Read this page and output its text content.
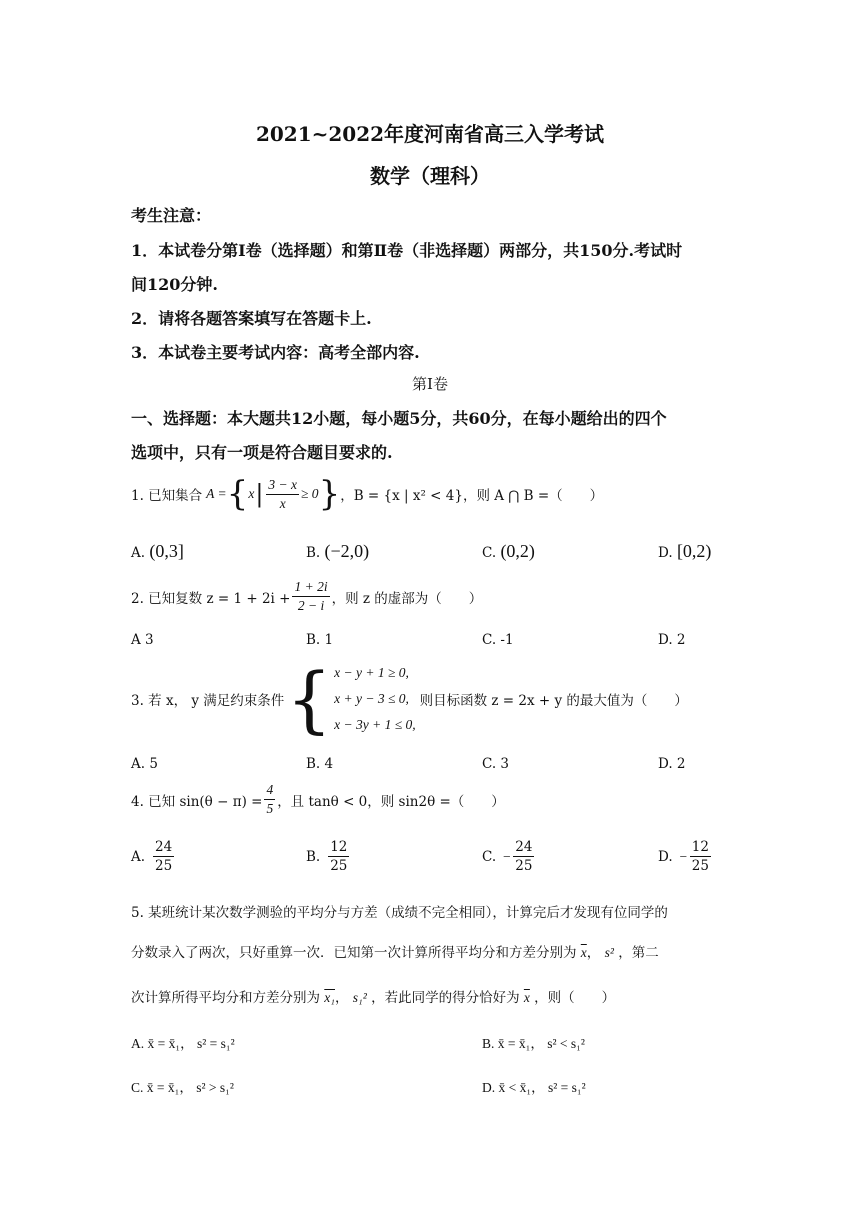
2021~2022年度河南省高三入学考试
数学（理科）
考生注意：
1．本试卷分第Ⅰ卷（选择题）和第Ⅱ卷（非选择题）两部分，共150分.考试时
间120分钟.
2．请将各题答案填写在答题卡上.
3．本试卷主要考试内容：高考全部内容.
第Ⅰ卷
一、选择题：本大题共12小题，每小题5分，共60分，在每小题给出的四个
选项中，只有一项是符合题目要求的.
1. 已知集合 A = { x | $\frac{3 - x}{x} \ge 0$ } ，B = {x | x² < 4}，则 A ⋂ B =（　　）
A. (0,3]	B. (−2,0)	C. (0,2)	D. [0,2)
2. 已知复数 $z = 1 + 2i + \frac{1 + 2i}{2 - i}$ ，则 z 的虚部为（　　）
A 3	B. 1	C. -1	D. 2
3. 若 x， y 满足约束条件 { x − y + 1 ≥ 0,
x + y − 3 ≤ 0,
x − 3y + 1 ≤ 0,
则目标函数 z = 2x + y 的最大值为（　　）
A. 5	B. 4	C. 3	D. 2
4. 已知 $\sin(\theta - \pi) = \frac{4}{5}$ ，且 tanθ < 0，则 sin2θ =（　　）
A. $\frac{24}{25}$	B. $\frac{12}{25}$	C. − $\frac{24}{25}$	D. − $\frac{12}{25}$
5. 某班统计某次数学测验的平均分与方差（成绩不完全相同），计算完后才发现有位同学的
分数录入了两次，只好重算一次．已知第一次计算所得平均分和方差分别为 $\overline{x}$， s² ，第二
次计算所得平均分和方差分别为 x₁， s₁² ，若此同学的得分恰好为 $\overline{x}$ ，则（　　）
A. x̄ = x̄₁， s² = s₁²	B. x̄ = x̄₁， s² < s₁²
C. x̄ = x̄₁， s² > s₁²	D. x̄ < x̄₁， s² = s₁²
